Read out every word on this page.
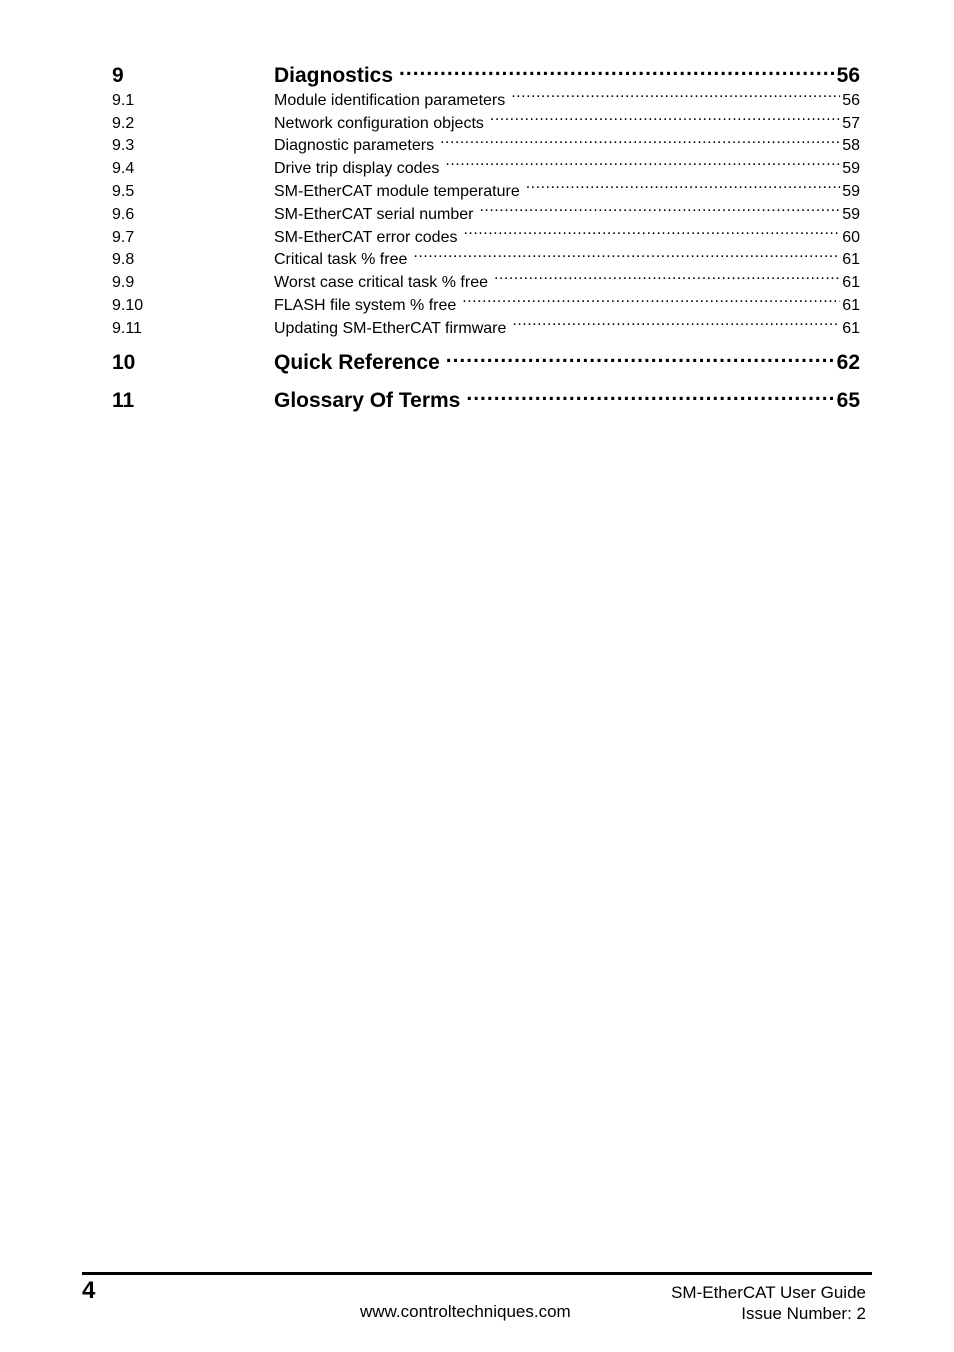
9	Diagnostics .....	56
9.1	Module identification parameters .....	56
9.2	Network configuration objects .....	57
9.3	Diagnostic parameters .....	58
9.4	Drive trip display codes .....	59
9.5	SM-EtherCAT module temperature .....	59
9.6	SM-EtherCAT serial number .....	59
9.7	SM-EtherCAT error codes .....	60
9.8	Critical task % free .....	61
9.9	Worst case critical task % free .....	61
9.10	FLASH file system % free .....	61
9.11	Updating SM-EtherCAT firmware .....	61
10	Quick Reference .....	62
11	Glossary Of Terms .....	65
4
www.controltechniques.com
SM-EtherCAT User Guide
Issue Number: 2
